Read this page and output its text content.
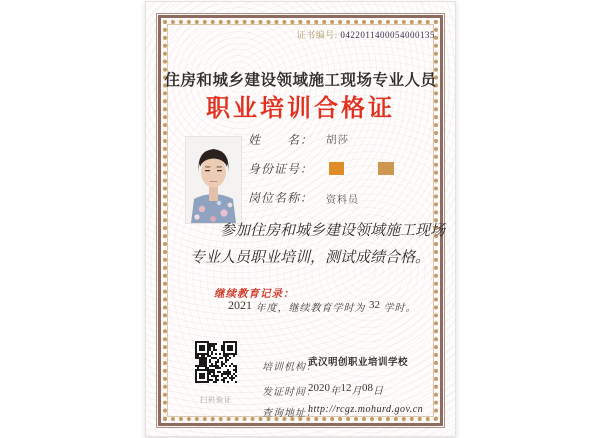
证书编号: 0422011400054000135
住房和城乡建设领域施工现场专业人员
职业培训合格证
姓　　名： 胡莎
身份证号：
岗位名称： 资料员
参加住房和城乡建设领域施工现场
专业人员职业培训，测试成绩合格。
继续教育记录：
2021 年度，继续教育学时为 32 学时。
扫码验证
培训机构：
武汉明创职业培训学校
发证时间：
2020年12月08日
查询地址：
http://rcgz.mohurd.gov.cn
